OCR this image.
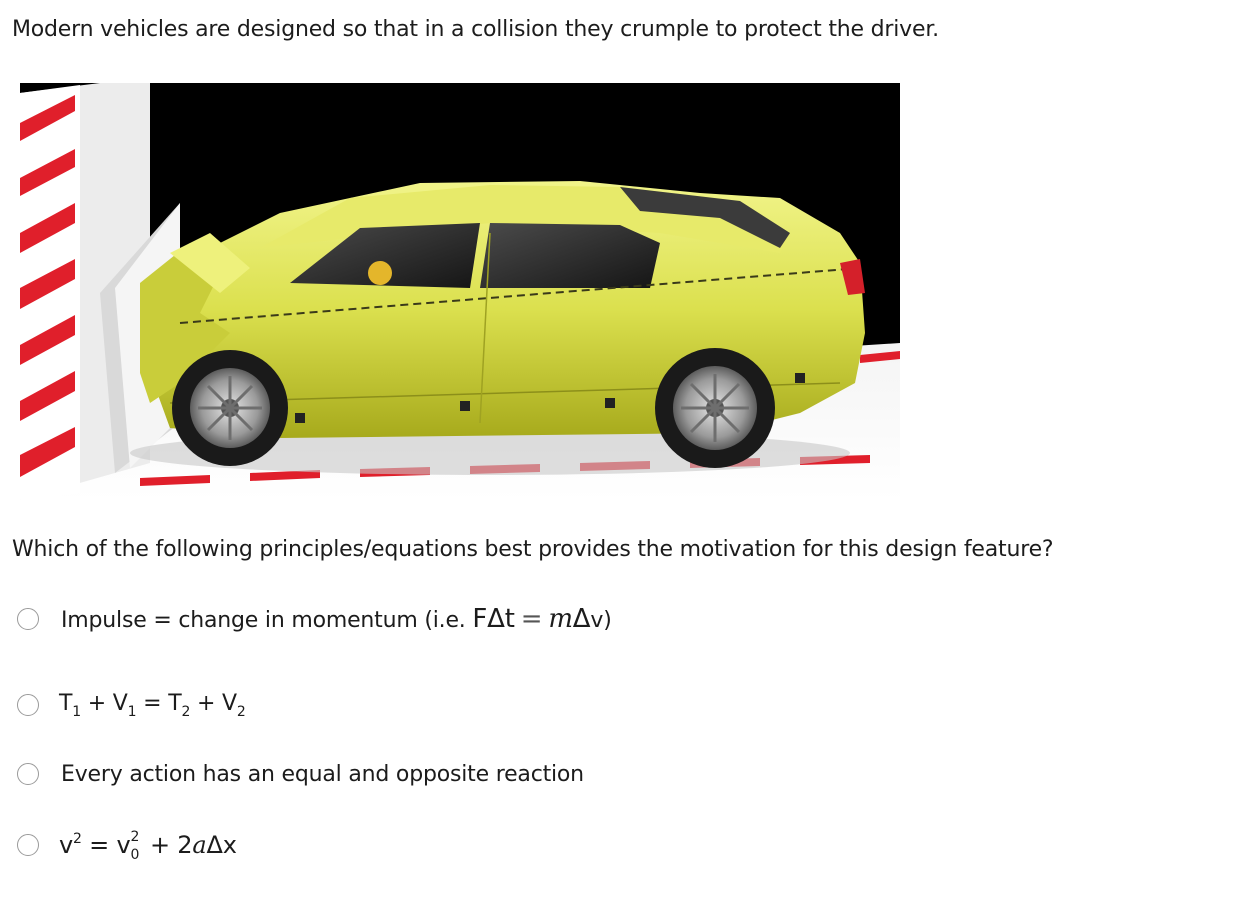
Modern vehicles are designed so that in a collision they crumple to protect the driver.
Which of the following principles/equations best provides the motivation for this design feature?
Impulse = change in momentum (i.e. FΔt = mΔv)
$T_1 + V_1 = T_2 + V_2$
Every action has an equal and opposite reaction
$v^2 = v$ 2
0 + 2aΔx
